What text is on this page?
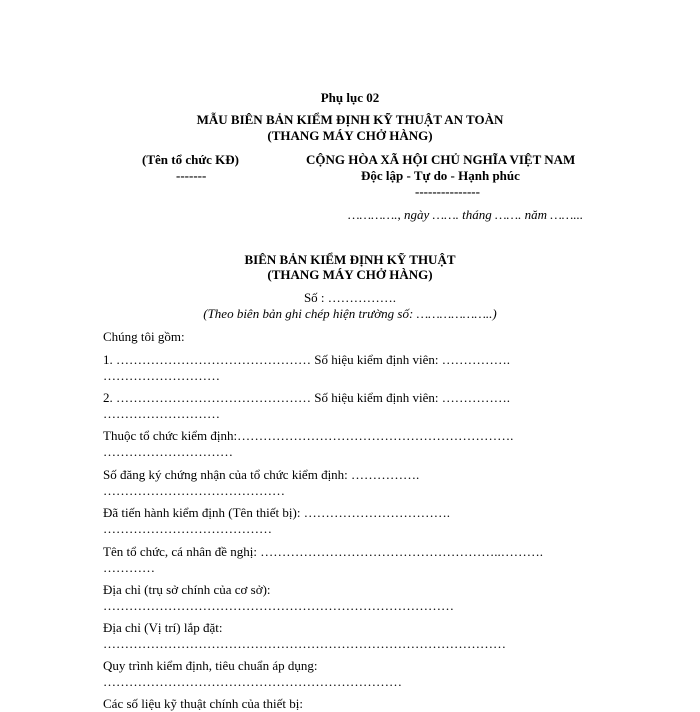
Phụ lục 02
MẪU BIÊN BẢN KIỂM ĐỊNH KỸ THUẬT AN TOÀN
(THANG MÁY CHỞ HÀNG)
(Tên tổ chức KĐ)
-------
CỘNG HÒA XÃ HỘI CHỦ NGHĨA VIỆT NAM
Độc lập - Tự do - Hạnh phúc
---------------
…………., ngày ……. tháng ……. năm ……...
BIÊN BẢN KIỂM ĐỊNH KỸ THUẬT
(THANG MÁY CHỞ HÀNG)
Số : …………….
(Theo biên bản ghi chép hiện trường số: ………………..)
Chúng tôi gồm:
1. ……………………………………… Số hiệu kiểm định viên: …………….
………………………
2. ……………………………………… Số hiệu kiểm định viên: …………….
………………………
Thuộc tổ chức kiểm định:……………………………………………………….
…………………………
Số đăng ký chứng nhận của tổ chức kiểm định: …………….
……………………………………
Đã tiến hành kiểm định (Tên thiết bị): …………………………….
…………………………………
Tên tổ chức, cá nhân đề nghị: ………………………………………………..……….
…………
Địa chỉ (trụ sở chính của cơ sở):
………………………………………………………………………
Địa chỉ (Vị trí) lắp đặt:
…………………………………………………………………………………
Quy trình kiểm định, tiêu chuẩn áp dụng:
……………………………………………………………
Các số liệu kỹ thuật chính của thiết bị:
